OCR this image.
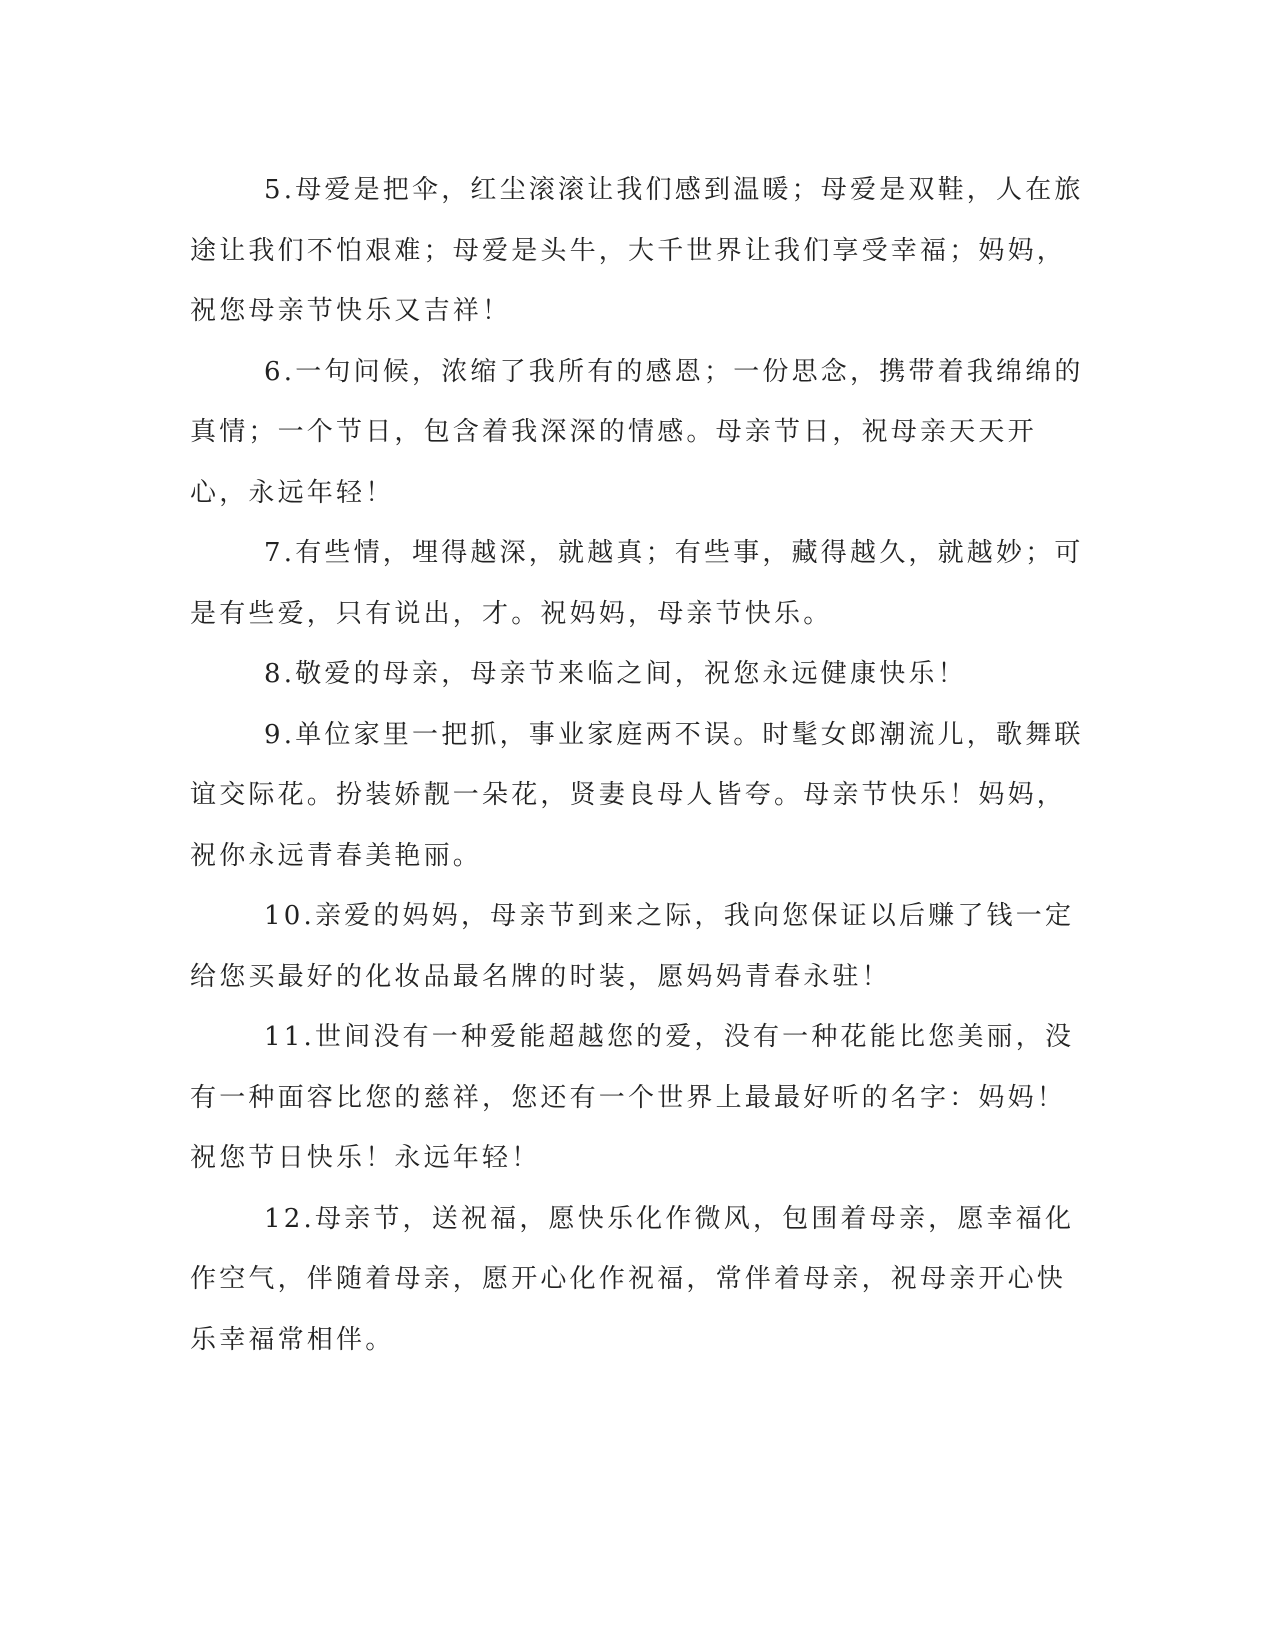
5.母爱是把伞，红尘滚滚让我们感到温暖；母爱是双鞋，人在旅途让我们不怕艰难；母爱是头牛，大千世界让我们享受幸福；妈妈，祝您母亲节快乐又吉祥！

6.一句问候，浓缩了我所有的感恩；一份思念，携带着我绵绵的真情；一个节日，包含着我深深的情感。母亲节日，祝母亲天天开心，永远年轻！

7.有些情，埋得越深，就越真；有些事，藏得越久，就越妙；可是有些爱，只有说出，才。祝妈妈，母亲节快乐。

8.敬爱的母亲，母亲节来临之间，祝您永远健康快乐！

9.单位家里一把抓，事业家庭两不误。时髦女郎潮流儿，歌舞联谊交际花。扮装娇靓一朵花，贤妻良母人皆夸。母亲节快乐！妈妈，祝你永远青春美艳丽。

10.亲爱的妈妈，母亲节到来之际，我向您保证以后赚了钱一定给您买最好的化妆品最名牌的时装，愿妈妈青春永驻！

11.世间没有一种爱能超越您的爱，没有一种花能比您美丽，没有一种面容比您的慈祥，您还有一个世界上最最好听的名字：妈妈！祝您节日快乐！永远年轻！

12.母亲节，送祝福，愿快乐化作微风，包围着母亲，愿幸福化作空气，伴随着母亲，愿开心化作祝福，常伴着母亲，祝母亲开心快乐幸福常相伴。
